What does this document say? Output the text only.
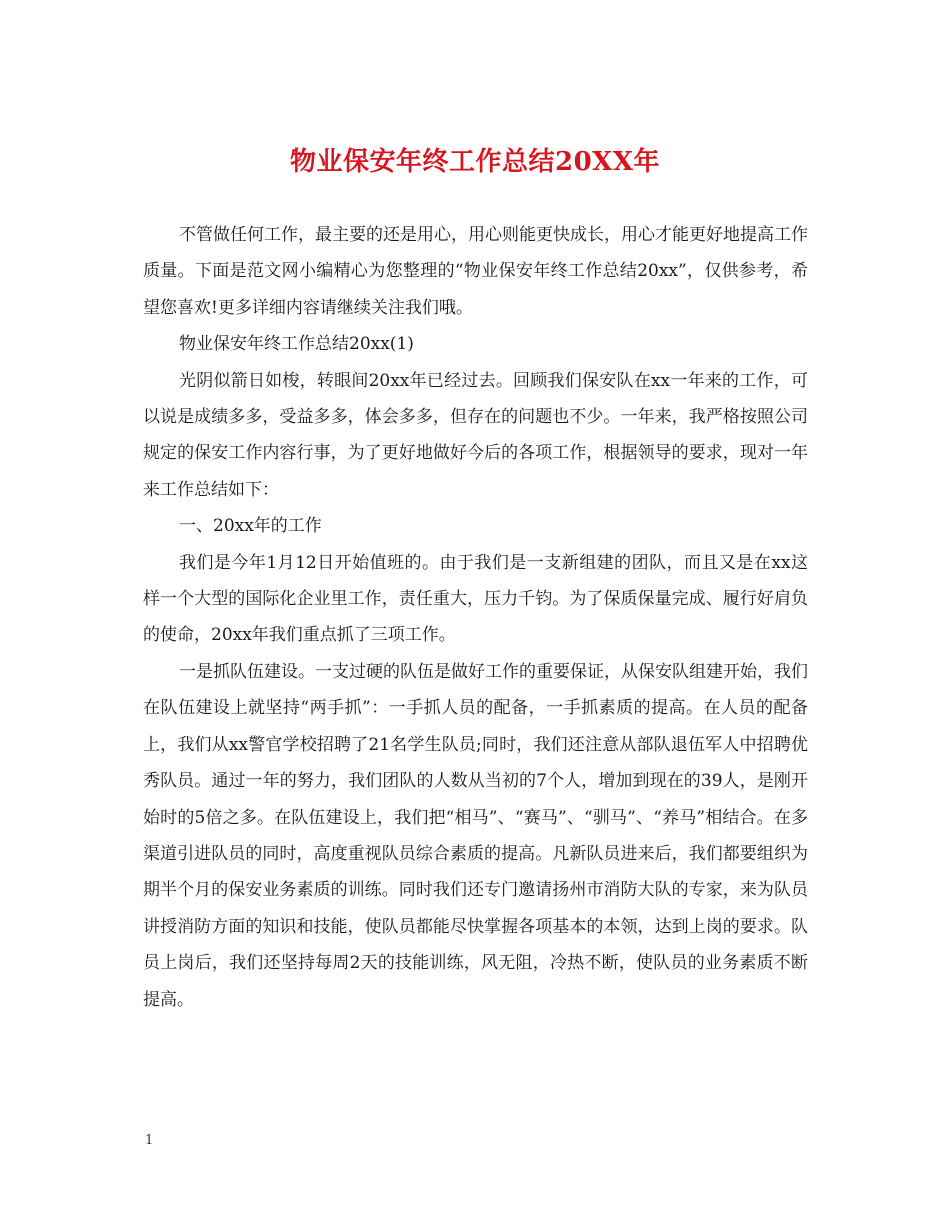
物业保安年终工作总结20XX年

不管做任何工作，最主要的还是用心，用心则能更快成长，用心才能更好地提高工作质量。下面是范文网小编精心为您整理的“物业保安年终工作总结20xx”，仅供参考，希望您喜欢!更多详细内容请继续关注我们哦。

物业保安年终工作总结20xx(1)

光阴似箭日如梭，转眼间20xx年已经过去。回顾我们保安队在xx一年来的工作，可以说是成绩多多，受益多多，体会多多，但存在的问题也不少。一年来，我严格按照公司规定的保安工作内容行事，为了更好地做好今后的各项工作，根据领导的要求，现对一年来工作总结如下：

一、20xx年的工作

我们是今年1月12日开始值班的。由于我们是一支新组建的团队，而且又是在xx这样一个大型的国际化企业里工作，责任重大，压力千钧。为了保质保量完成、履行好肩负的使命，20xx年我们重点抓了三项工作。

一是抓队伍建设。一支过硬的队伍是做好工作的重要保证，从保安队组建开始，我们在队伍建设上就坚持“两手抓”：一手抓人员的配备，一手抓素质的提高。在人员的配备上，我们从xx警官学校招聘了21名学生队员;同时，我们还注意从部队退伍军人中招聘优秀队员。通过一年的努力，我们团队的人数从当初的7个人，增加到现在的39人，是刚开始时的5倍之多。在队伍建设上，我们把“相马”、“赛马”、“驯马”、“养马”相结合。在多渠道引进队员的同时，高度重视队员综合素质的提高。凡新队员进来后，我们都要组织为期半个月的保安业务素质的训练。同时我们还专门邀请扬州市消防大队的专家，来为队员讲授消防方面的知识和技能，使队员都能尽快掌握各项基本的本领，达到上岗的要求。队员上岗后，我们还坚持每周2天的技能训练，风无阻，冷热不断，使队员的业务素质不断提高。

1
